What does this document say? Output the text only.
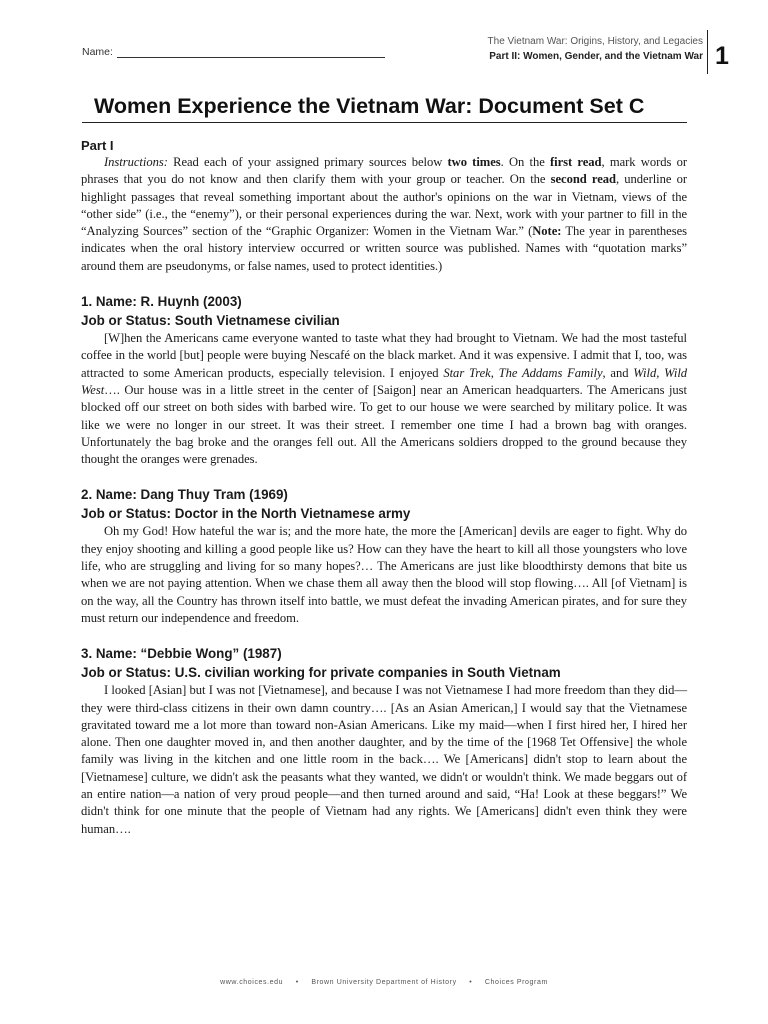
Name:
The Vietnam War: Origins, History, and Legacies
Part II: Women, Gender, and the Vietnam War 1
Women Experience the Vietnam War: Document Set C
Part I

Instructions: Read each of your assigned primary sources below two times. On the first read, mark words or phrases that you do not know and then clarify them with your group or teacher. On the second read, underline or highlight passages that reveal something important about the author's opinions on the war in Vietnam, views of the “other side” (i.e., the “enemy”), or their personal experiences during the war. Next, work with your partner to fill in the “Analyzing Sources” section of the “Graphic Organizer: Women in the Vietnam War.” (Note: The year in parentheses indicates when the oral history interview occurred or written source was published. Names with “quotation marks” around them are pseudonyms, or false names, used to protect identities.)

1. Name: R. Huynh (2003)
Job or Status: South Vietnamese civilian

[W]hen the Americans came everyone wanted to taste what they had brought to Vietnam. We had the most tasteful coffee in the world [but] people were buying Nescafé on the black market. And it was expensive. I admit that I, too, was attracted to some American products, especially television. I enjoyed Star Trek, The Addams Family, and Wild, Wild West…. Our house was in a little street in the center of [Saigon] near an American headquarters. The Americans just blocked off our street on both sides with barbed wire. To get to our house we were searched by military police. It was like we were no longer in our street. It was their street. I remember one time I had a brown bag with oranges. Unfortunately the bag broke and the oranges fell out. All the Americans soldiers dropped to the ground because they thought the oranges were grenades.

2. Name: Dang Thuy Tram (1969)
Job or Status: Doctor in the North Vietnamese army

Oh my God! How hateful the war is; and the more hate, the more the [American] devils are eager to fight. Why do they enjoy shooting and killing a good people like us? How can they have the heart to kill all those youngsters who love life, who are struggling and living for so many hopes?… The Americans are just like bloodthirsty demons that bite us when we are not paying attention. When we chase them all away then the blood will stop flowing…. All [of Vietnam] is on the way, all the Country has thrown itself into battle, we must defeat the invading American pirates, and for sure they must return our independence and freedom.

3. Name: “Debbie Wong” (1987)
Job or Status: U.S. civilian working for private companies in South Vietnam

I looked [Asian] but I was not [Vietnamese], and because I was not Vietnamese I had more freedom than they did—they were third-class citizens in their own damn country…. [As an Asian American,] I would say that the Vietnamese gravitated toward me a lot more than toward non-Asian Americans. Like my maid—when I first hired her, I hired her alone. Then one daughter moved in, and then another daughter, and by the time of the [1968 Tet Offensive] the whole family was living in the kitchen and one little room in the back…. We [Americans] didn't stop to learn about the [Vietnamese] culture, we didn't ask the peasants what they wanted, we didn't or wouldn't think. We made beggars out of an entire nation—a nation of very proud people—and then turned around and said, “Ha! Look at these beggars!” We didn't think for one minute that the people of Vietnam had any rights. We [Americans] didn't even think they were human….

www.choices.edu • Brown University Department of History • Choices Program
